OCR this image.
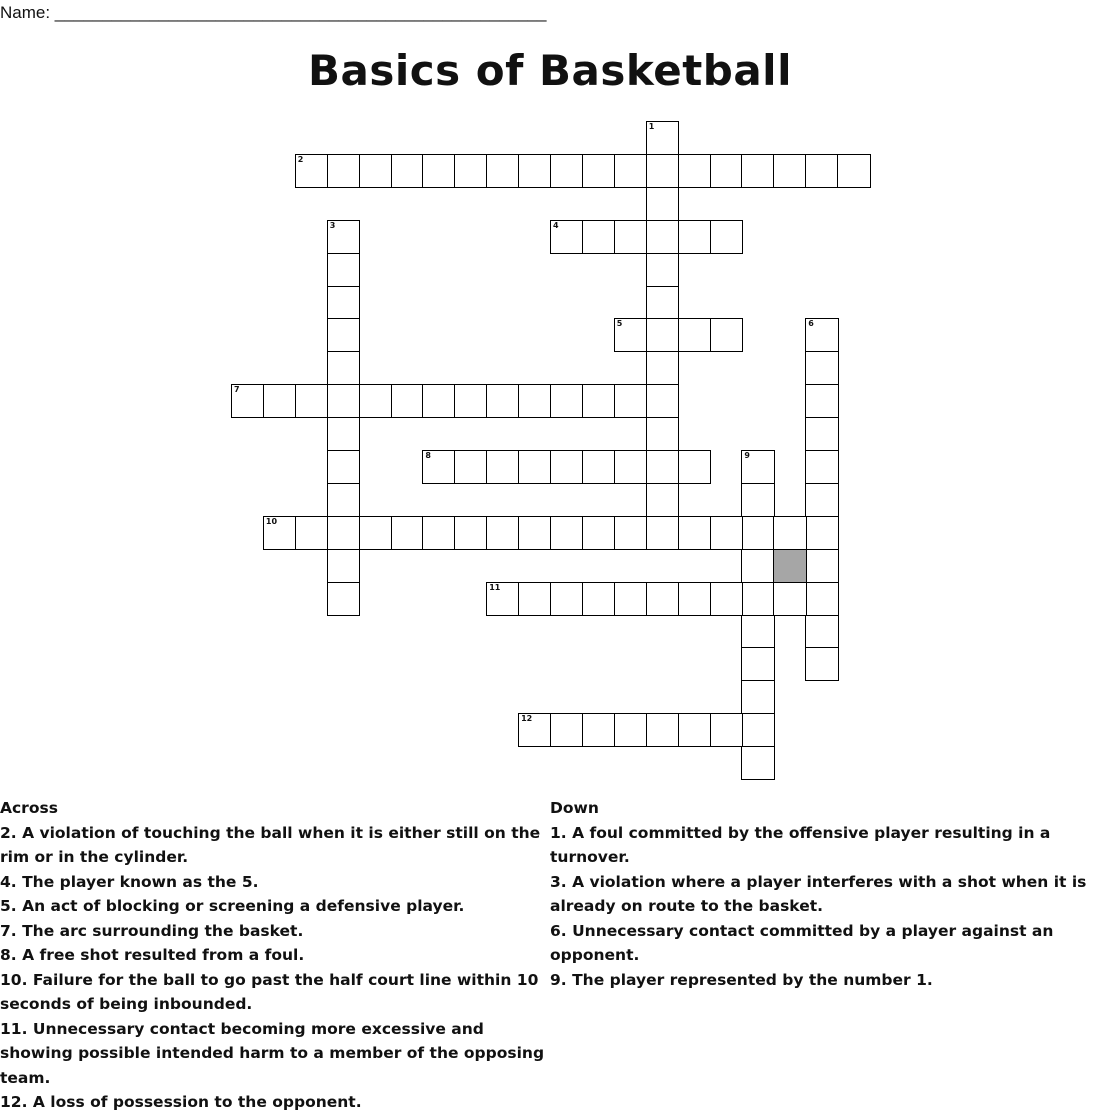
Name: ____________________________________________________
Basics of Basketball
1
2
3	4
5	6
7
8	9
10
11
12
Across
2. A violation of touching the ball when it is either still on the rim or in the cylinder.
4. The player known as the 5.
5. An act of blocking or screening a defensive player.
7. The arc surrounding the basket.
8. A free shot resulted from a foul.
10. Failure for the ball to go past the half court line within 10 seconds of being inbounded.
11. Unnecessary contact becoming more excessive and showing possible intended harm to a member of the opposing team.
12. A loss of possession to the opponent.
Down
1. A foul committed by the offensive player resulting in a turnover.
3. A violation where a player interferes with a shot when it is already on route to the basket.
6. Unnecessary contact committed by a player against an opponent.
9. The player represented by the number 1.
